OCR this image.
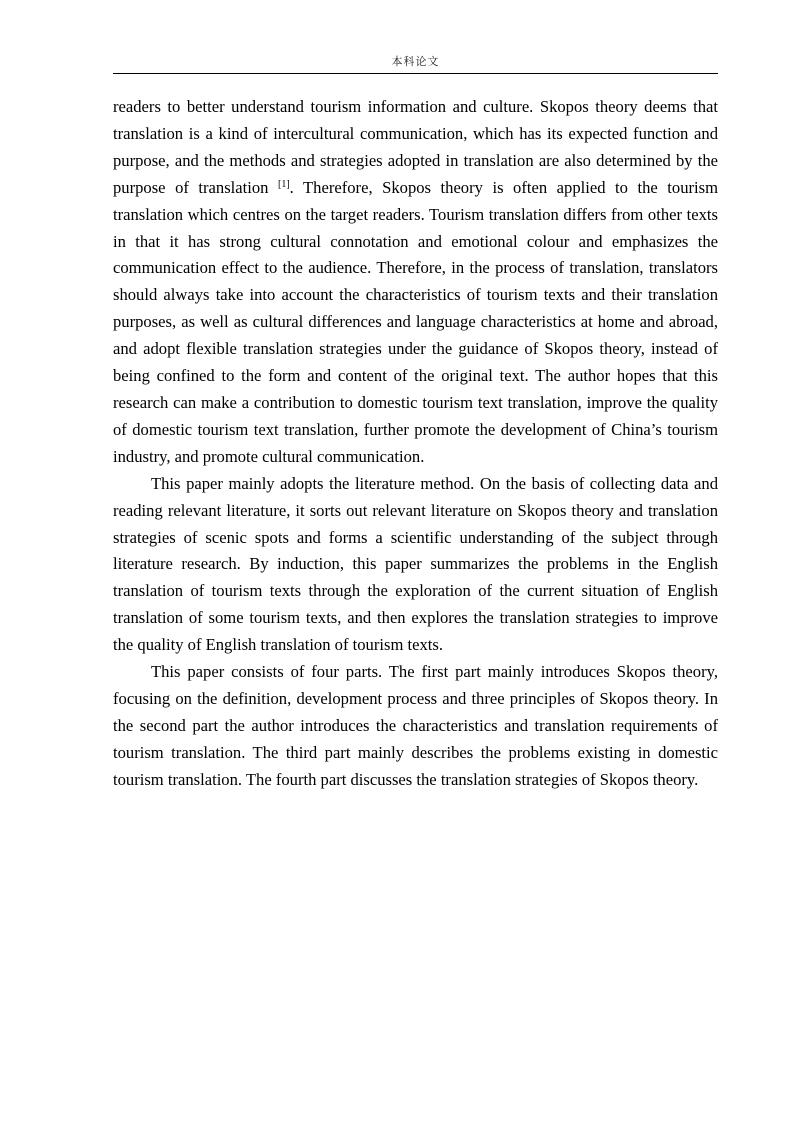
本科论文

readers to better understand tourism information and culture. Skopos theory deems that translation is a kind of intercultural communication, which has its expected function and purpose, and the methods and strategies adopted in translation are also determined by the purpose of translation [1]. Therefore, Skopos theory is often applied to the tourism translation which centres on the target readers. Tourism translation differs from other texts in that it has strong cultural connotation and emotional colour and emphasizes the communication effect to the audience. Therefore, in the process of translation, translators should always take into account the characteristics of tourism texts and their translation purposes, as well as cultural differences and language characteristics at home and abroad, and adopt flexible translation strategies under the guidance of Skopos theory, instead of being confined to the form and content of the original text. The author hopes that this research can make a contribution to domestic tourism text translation, improve the quality of domestic tourism text translation, further promote the development of China’s tourism industry, and promote cultural communication.

This paper mainly adopts the literature method. On the basis of collecting data and reading relevant literature, it sorts out relevant literature on Skopos theory and translation strategies of scenic spots and forms a scientific understanding of the subject through literature research. By induction, this paper summarizes the problems in the English translation of tourism texts through the exploration of the current situation of English translation of some tourism texts, and then explores the translation strategies to improve the quality of English translation of tourism texts.

This paper consists of four parts. The first part mainly introduces Skopos theory, focusing on the definition, development process and three principles of Skopos theory. In the second part the author introduces the characteristics and translation requirements of tourism translation. The third part mainly describes the problems existing in domestic tourism translation. The fourth part discusses the translation strategies of Skopos theory.
